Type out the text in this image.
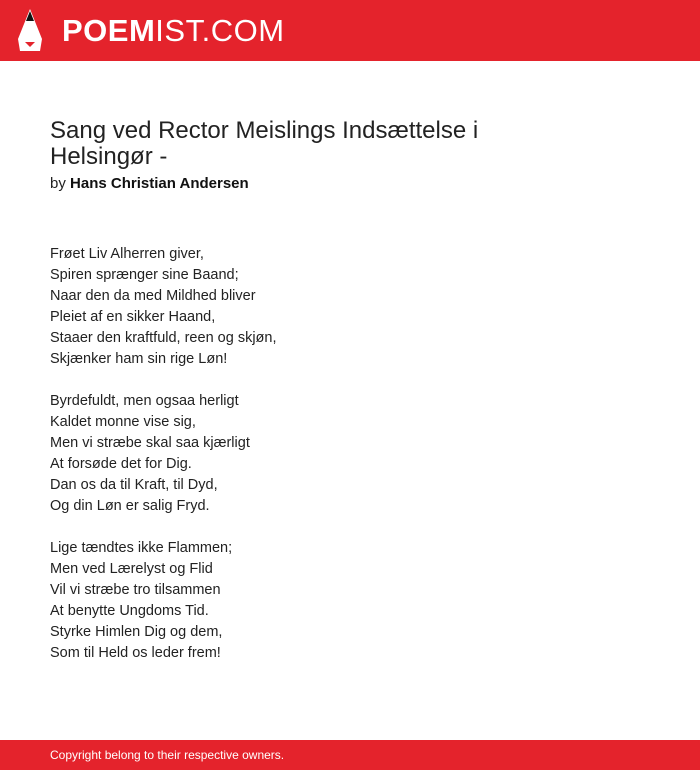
POEMIST.COM
Sang ved Rector Meislings Indsættelse i Helsingør -
by Hans Christian Andersen
Frøet Liv Alherren giver,
Spiren sprænger sine Baand;
Naar den da med Mildhed bliver
Pleiet af en sikker Haand,
Staaer den kraftfuld, reen og skjøn,
Skjænker ham sin rige Løn!
Byrdefuldt, men ogsaa herligt
Kaldet monne vise sig,
Men vi stræbe skal saa kjærligt
At forsøde det for Dig.
Dan os da til Kraft, til Dyd,
Og din Løn er salig Fryd.
Lige tændtes ikke Flammen;
Men ved Lærelyst og Flid
Vil vi stræbe tro tilsammen
At benytte Ungdoms Tid.
Styrke Himlen Dig og dem,
Som til Held os leder frem!
Copyright belong to their respective owners.
